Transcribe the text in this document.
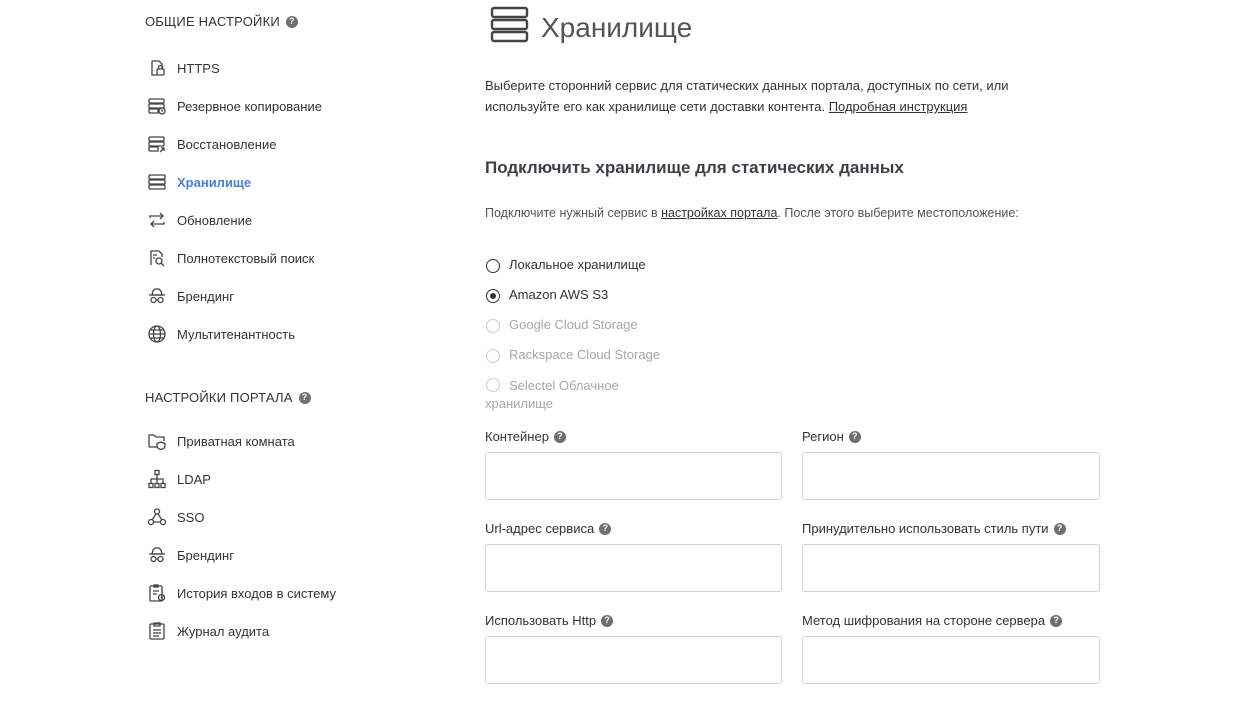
ОБЩИЕ НАСТРОЙКИ	?
HTTPS
Резервное копирование
Восстановление
Хранилище
Обновление
Полнотекстовый поиск
Брендинг
Мультитенантность
НАСТРОЙКИ ПОРТАЛА	?
Приватная комната
LDAP
SSO
Брендинг
История входов в систему
Журнал аудита
Хранилище
Выберите сторонний сервис для статических данных портала, доступных по сети, или используйте его как хранилище сети доставки контента. Подробная инструкция
Подключить хранилище для статических данных
Подключите нужный сервис в настройках портала. После этого выберите местоположение:
Локальное хранилище
Amazon AWS S3
Google Cloud Storage
Rackspace Cloud Storage
Selectel Облачное хранилище
Контейнер ?	Регион ?
Url-адрес сервиса ?	Принудительно использовать стиль пути ?
Использовать Http ?	Метод шифрования на стороне сервера ?
